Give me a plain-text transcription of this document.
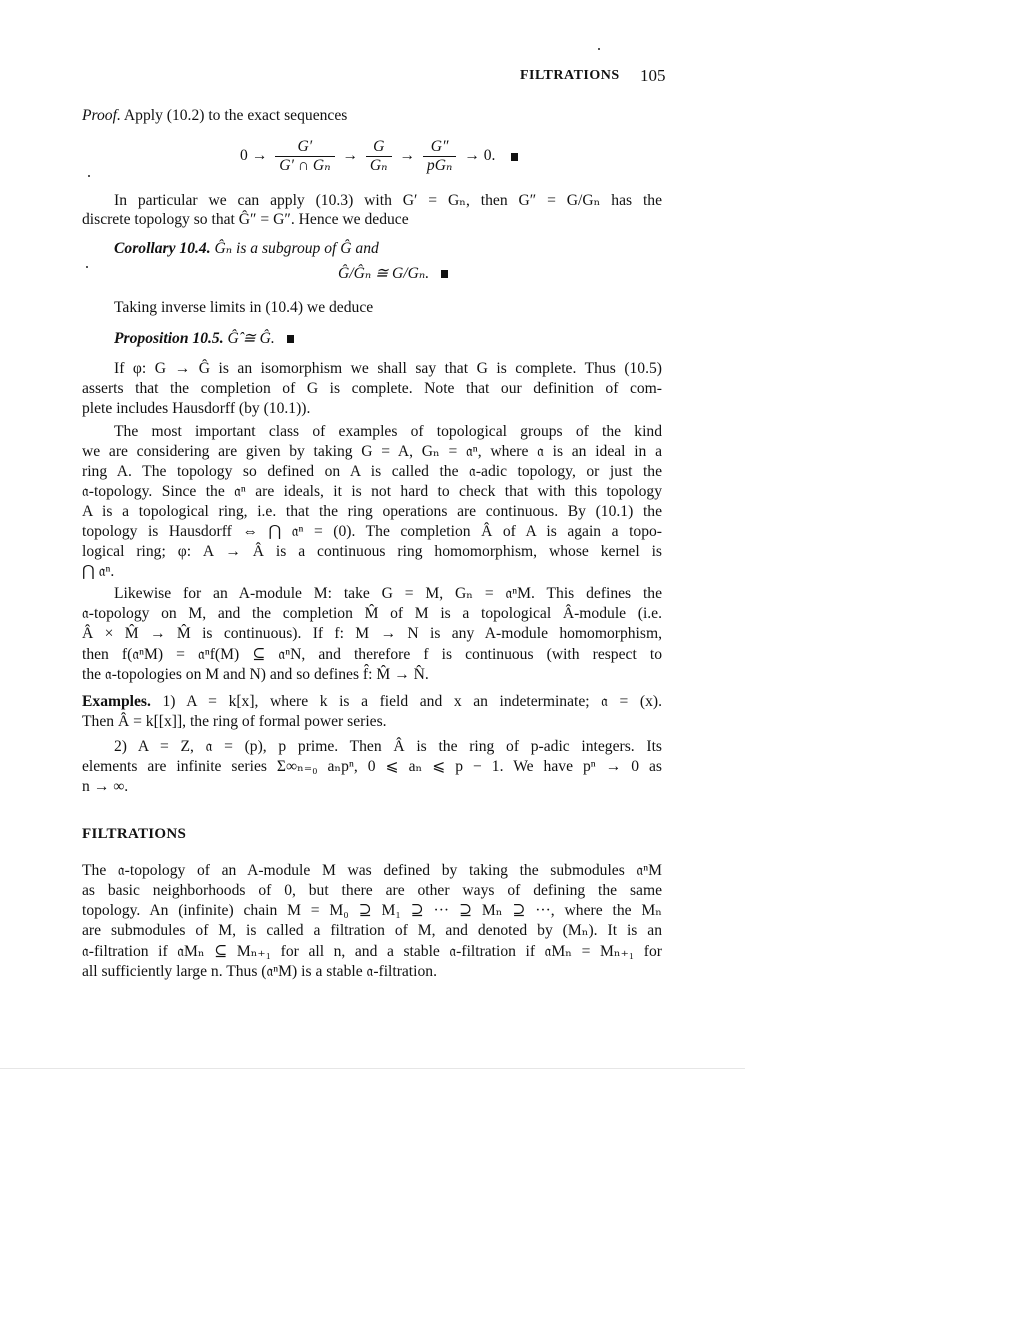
FILTRATIONS 105
Proof. Apply (10.2) to the exact sequences
$0 \to \frac{G'}{\text{G′ ∩ Gₙ}} \to \frac{G}{\text{Gₙ}} \to \frac{G''}{\text{pGₙ}} \to 0$.
In particular we can apply (10.3) with G′ = Gₙ, then G″ = G/Gₙ has the
discrete topology so that Ĝ″ = G″. Hence we deduce
Corollary 10.4. Ĝₙ is a subgroup of Ĝ and
Ĝ/Ĝₙ ≅ G/Gₙ.
Taking inverse limits in (10.4) we deduce
Proposition 10.5. Ĝ̂ ≅ Ĝ.
If φ: G → Ĝ is an isomorphism we shall say that G is complete. Thus (10.5)
asserts that the completion of G is complete. Note that our definition of com-
plete includes Hausdorff (by (10.1)).
The most important class of examples of topological groups of the kind
we are considering are given by taking G = A, Gₙ = 𝔞ⁿ, where 𝔞 is an ideal in a
ring A. The topology so defined on A is called the 𝔞-adic topology, or just the
𝔞-topology. Since the 𝔞ⁿ are ideals, it is not hard to check that with this topology
A is a topological ring, i.e. that the ring operations are continuous. By (10.1) the
topology is Hausdorff ⇔ ⋂ 𝔞ⁿ = (0). The completion Â of A is again a topo-
logical ring; φ: A → Â is a continuous ring homomorphism, whose kernel is
⋂ 𝔞ⁿ.
Likewise for an A-module M: take G = M, Gₙ = 𝔞ⁿM. This defines the
𝔞-topology on M, and the completion M̂ of M is a topological Â-module (i.e.
Â × M̂ → M̂ is continuous). If f: M → N is any A-module homomorphism,
then f(𝔞ⁿM) = 𝔞ⁿf(M) ⊆ 𝔞ⁿN, and therefore f is continuous (with respect to
the 𝔞-topologies on M and N) and so defines f̂: M̂ → N̂.
Examples. 1) A = k[x], where k is a field and x an indeterminate; 𝔞 = (x).
Then Â = k[[x]], the ring of formal power series.
2) A = Z, 𝔞 = (p), p prime. Then Â is the ring of p-adic integers. Its
elements are infinite series Σ∞ₙ₌₀ aₙpⁿ, 0 ⩽ aₙ ⩽ p − 1. We have pⁿ → 0 as
n → ∞.
FILTRATIONS
The 𝔞-topology of an A-module M was defined by taking the submodules 𝔞ⁿM
as basic neighborhoods of 0, but there are other ways of defining the same
topology. An (infinite) chain M = M₀ ⊇ M₁ ⊇ ··· ⊇ Mₙ ⊇ ···, where the Mₙ
are submodules of M, is called a filtration of M, and denoted by (Mₙ). It is an
𝔞-filtration if 𝔞Mₙ ⊆ Mₙ₊₁ for all n, and a stable 𝔞-filtration if 𝔞Mₙ = Mₙ₊₁ for
all sufficiently large n. Thus (𝔞ⁿM) is a stable 𝔞-filtration.
